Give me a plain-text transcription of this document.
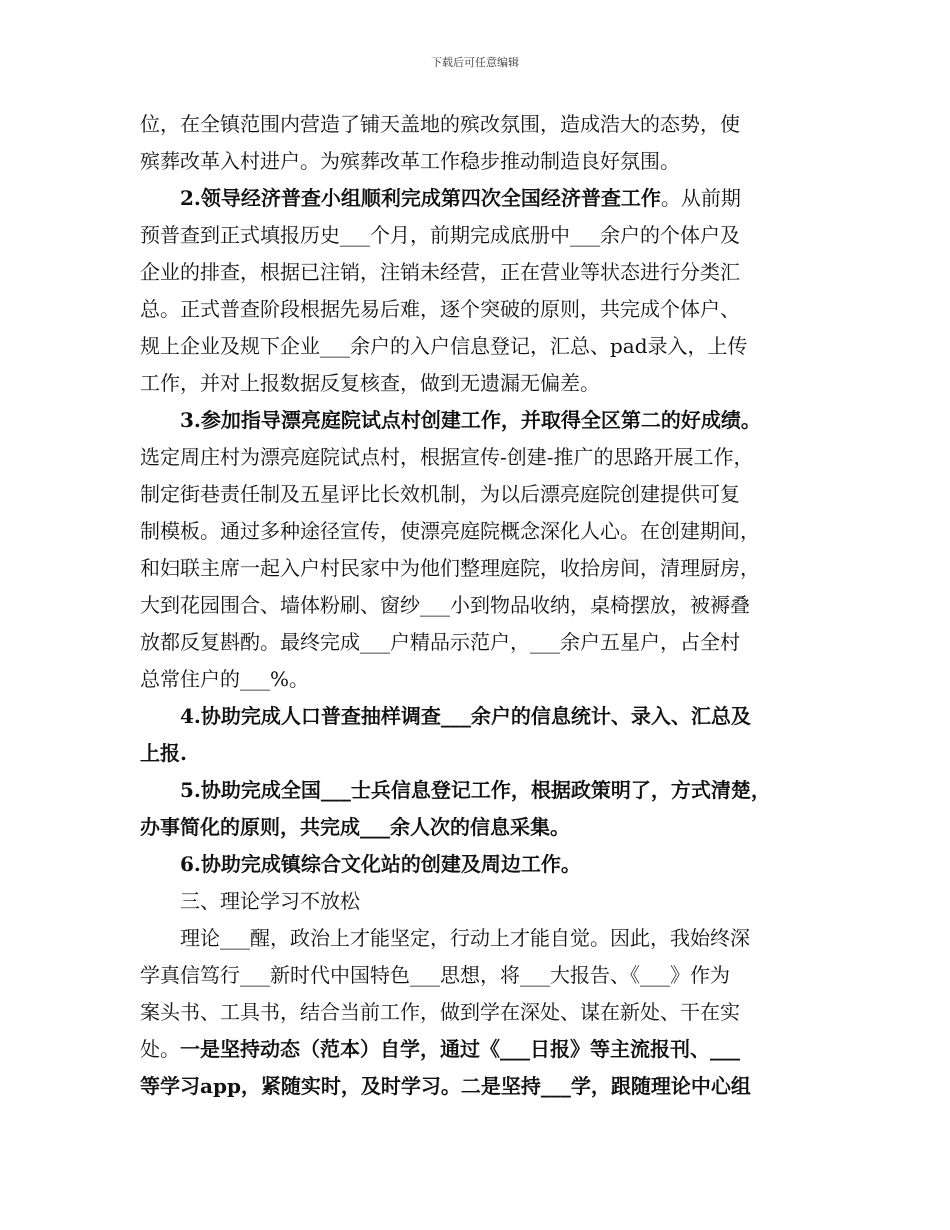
下载后可任意编辑
位，在全镇范围内营造了铺天盖地的殡改氛围，造成浩大的态势，使
殡葬改革入村进户。为殡葬改革工作稳步推动制造良好氛围。
　　2.领导经济普查小组顺利完成第四次全国经济普查工作。从前期
预普查到正式填报历史___个月，前期完成底册中___余户的个体户及
企业的排查，根据已注销，注销未经营，正在营业等状态进行分类汇
总。正式普查阶段根据先易后难，逐个突破的原则，共完成个体户、
规上企业及规下企业___余户的入户信息登记，汇总、pad录入，上传
工作，并对上报数据反复核查，做到无遗漏无偏差。
　　3.参加指导漂亮庭院试点村创建工作，并取得全区第二的好成绩。
选定周庄村为漂亮庭院试点村，根据宣传-创建-推广的思路开展工作，
制定街巷责任制及五星评比长效机制，为以后漂亮庭院创建提供可复
制模板。通过多种途径宣传，使漂亮庭院概念深化人心。在创建期间，
和妇联主席一起入户村民家中为他们整理庭院，收拾房间，清理厨房，
大到花园围合、墙体粉刷、窗纱___小到物品收纳，桌椅摆放，被褥叠
放都反复斟酌。最终完成___户精品示范户，___余户五星户，占全村
总常住户的___%。
　　4.协助完成人口普查抽样调查___余户的信息统计、录入、汇总及
上报.
　　5.协助完成全国___士兵信息登记工作，根据政策明了，方式清楚，
办事简化的原则，共完成___余人次的信息采集。
　　6.协助完成镇综合文化站的创建及周边工作。
　　三、理论学习不放松
　　理论___醒，政治上才能坚定，行动上才能自觉。因此，我始终深
学真信笃行___新时代中国特色___思想，将___大报告、《___》作为
案头书、工具书，结合当前工作，做到学在深处、谋在新处、干在实
处。一是坚持动态（范本）自学，通过《___日报》等主流报刊、___
等学习app，紧随实时，及时学习。二是坚持___学，跟随理论中心组
